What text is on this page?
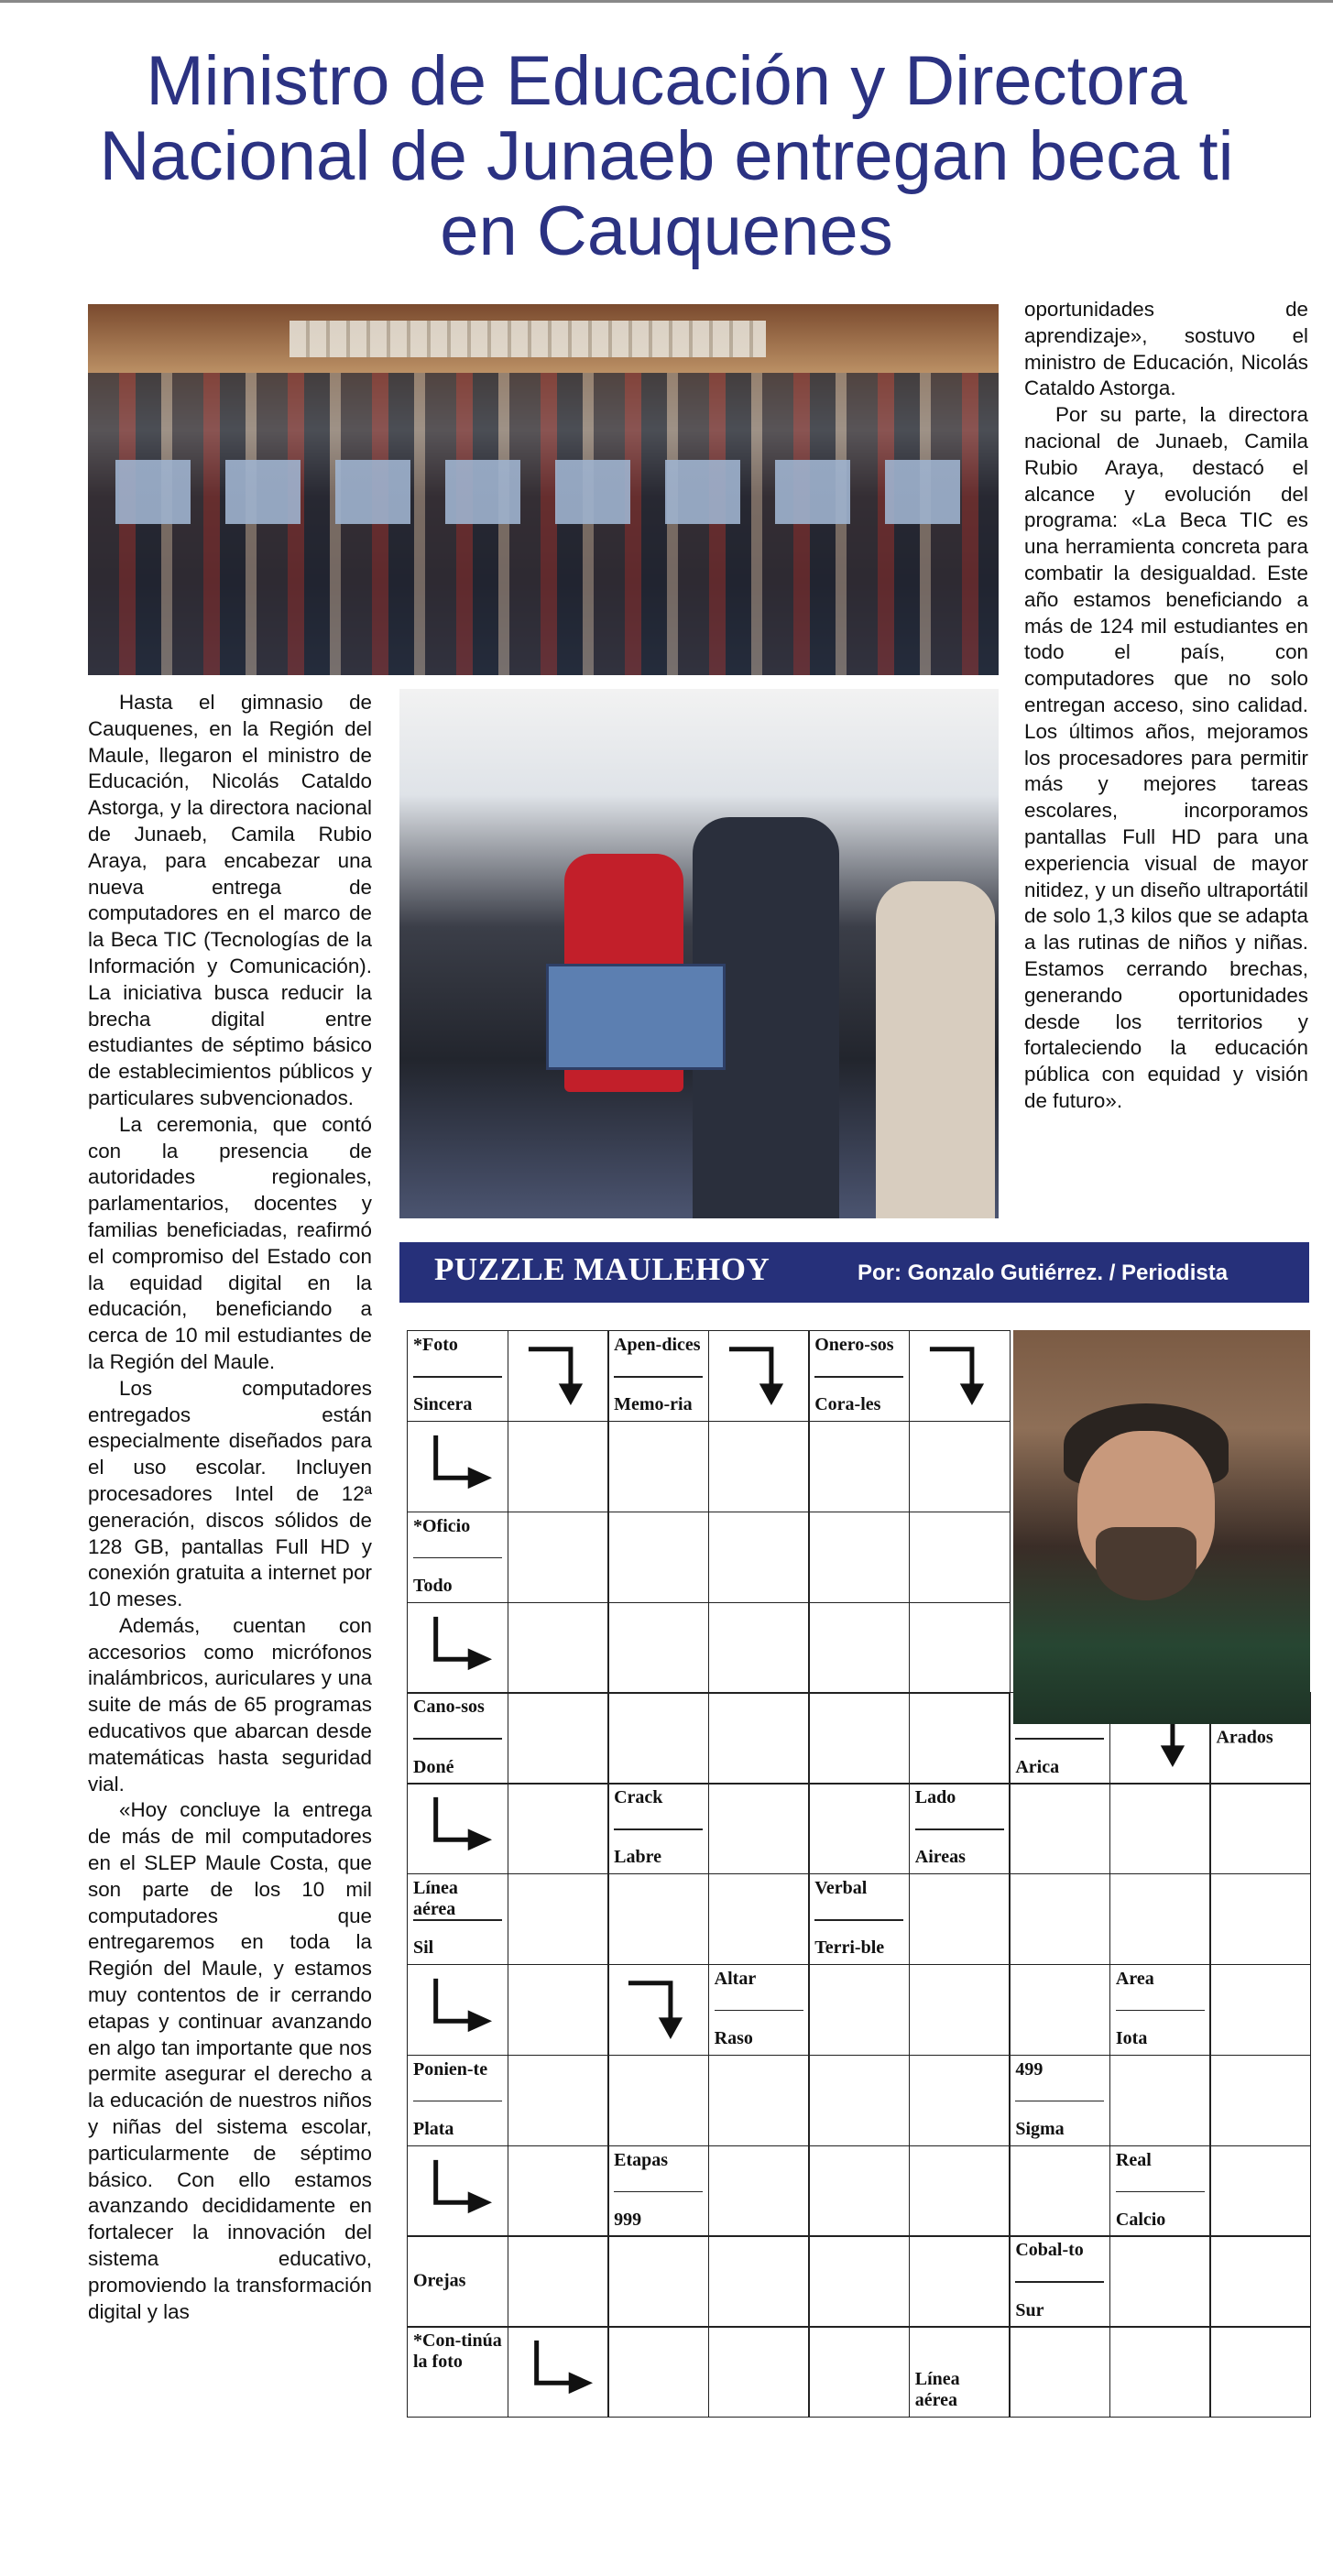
Ministro de Educación y Directora Nacional de Junaeb entregan beca ti en Cauquenes

Hasta el gimnasio de Cauquenes, en la Región del Maule, llegaron el ministro de Educación, Nicolás Cataldo Astorga, y la directora nacional de Junaeb, Camila Rubio Araya, para encabezar una nueva entrega de computadores en el marco de la Beca TIC (Tecnologías de la Información y Comunicación). La iniciativa busca reducir la brecha digital entre estudiantes de séptimo básico de establecimientos públicos y particulares subvencionados.

La ceremonia, que contó con la presencia de autoridades regionales, parlamentarios, docentes y familias beneficiadas, reafirmó el compromiso del Estado con la equidad digital en la educación, beneficiando a cerca de 10 mil estudiantes de la Región del Maule.

Los computadores entregados están especialmente diseñados para el uso escolar. Incluyen procesadores Intel de 12ª generación, discos sólidos de 128 GB, pantallas Full HD y conexión gratuita a internet por 10 meses.

Además, cuentan con accesorios como micrófonos inalámbricos, auriculares y una suite de más de 65 programas educativos que abarcan desde matemáticas hasta seguridad vial.

«Hoy concluye la entrega de más de mil computadores en el SLEP Maule Costa, que son parte de los 10 mil computadores que entregaremos en toda la Región del Maule, y estamos muy contentos de ir cerrando etapas y continuar avanzando en algo tan importante que nos permite asegurar el derecho a la educación de nuestros niños y niñas del sistema escolar, particularmente de séptimo básico. Con ello estamos avanzando decididamente en fortalecer la innovación del sistema educativo, promoviendo la transformación digital y las

oportunidades de aprendizaje», sostuvo el ministro de Educación, Nicolás Cataldo Astorga.

Por su parte, la directora nacional de Junaeb, Camila Rubio Araya, destacó el alcance y evolución del programa: «La Beca TIC es una herramienta concreta para combatir la desigualdad. Este año estamos beneficiando a más de 124 mil estudiantes en todo el país, con computadores que no solo entregan acceso, sino calidad. Los últimos años, mejoramos los procesadores para permitir más y mejores tareas escolares, incorporamos pantallas Full HD para una experiencia visual de mayor nitidez, y un diseño ultraportátil de solo 1,3 kilos que se adapta a las rutinas de niños y niñas. Estamos cerrando brechas, generando oportunidades desde los territorios y fortaleciendo la educación pública con equidad y visión de futuro».

PUZZLE MAULEHOY	Por: Gonzalo Gutiérrez. / Periodista
*Foto
Sincera
Apen-dices
Memo-ria
Onero-sos
Cora-les
*Oficio
Todo
Cano-sos
Doné	Arica
Arados
Crack
Labre
Lado
Aireas
Línea aérea
Sil
Verbal
Terri-ble
Altar
Raso
Area
Iota
Ponien-te
Plata
499
Sigma
Etapas
999
Real
Calcio
Orejas
Cobal-to
Sur
*Con-tinúa la foto
Línea aérea
